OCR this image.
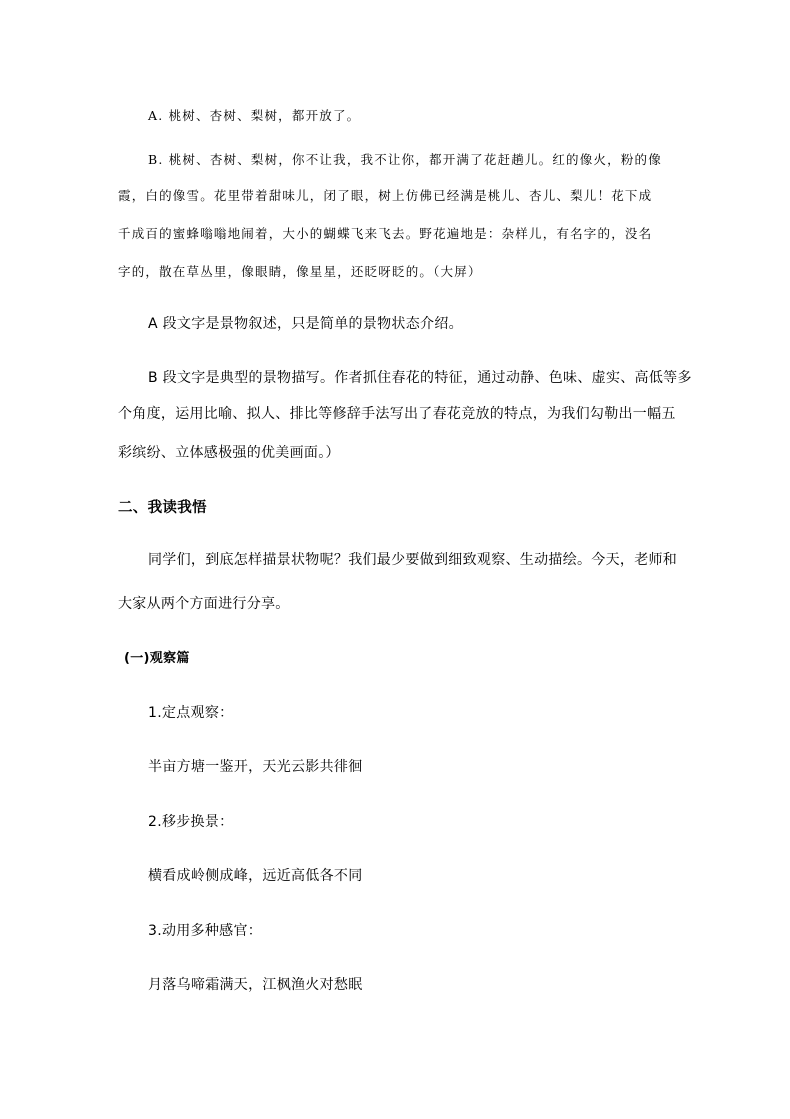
A. 桃树、杏树、梨树，都开放了。
B. 桃树、杏树、梨树，你不让我，我不让你，都开满了花赶趟儿。红的像火，粉的像
霞，白的像雪。花里带着甜味儿，闭了眼，树上仿佛已经满是桃儿、杏儿、梨儿！花下成
千成百的蜜蜂嗡嗡地闹着，大小的蝴蝶飞来飞去。野花遍地是：杂样儿，有名字的，没名
字的，散在草丛里，像眼睛，像星星，还眨呀眨的。（大屏）
A 段文字是景物叙述，只是简单的景物状态介绍。
B 段文字是典型的景物描写。作者抓住春花的特征，通过动静、色味、虚实、高低等多
个角度，运用比喻、拟人、排比等修辞手法写出了春花竞放的特点，为我们勾勒出一幅五
彩缤纷、立体感极强的优美画面。）
二、我读我悟
同学们，到底怎样描景状物呢？我们最少要做到细致观察、生动描绘。今天，老师和
大家从两个方面进行分享。
(一)观察篇
1.定点观察：
半亩方塘一鉴开，天光云影共徘徊
2.移步换景：
横看成岭侧成峰，远近高低各不同
3.动用多种感官：
月落乌啼霜满天，江枫渔火对愁眠
